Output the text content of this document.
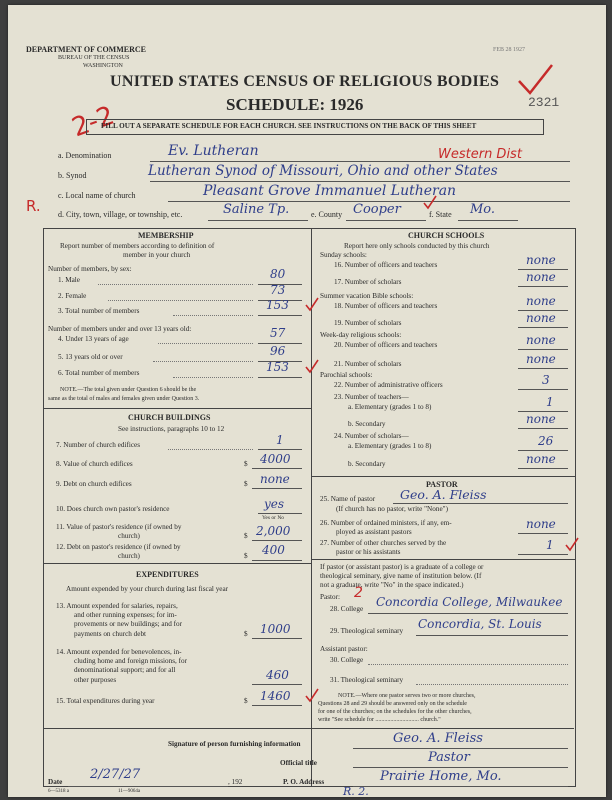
DEPARTMENT OF COMMERCE
BUREAU OF THE CENSUS
WASHINGTON
UNITED STATES CENSUS OF RELIGIOUS BODIES
SCHEDULE: 1926
FEB 28 1927
2321
2-2
R.
FILL OUT A SEPARATE SCHEDULE FOR EACH CHURCH. SEE INSTRUCTIONS ON THE BACK OF THIS SHEET
a. Denomination	Ev. Lutheran
b. Synod	Lutheran Synod of Missouri, Ohio and other States
Western Dist
c. Local name of church	Pleasant Grove Immanuel Lutheran
d. City, town, village, or township, etc.	Saline Tp.	e. County Cooper	f. State Mo.
MEMBERSHIP
Report number of members according to definition of
member in your church
Number of members, by sex:
1. Male	80
2. Female	73
3. Total number of members	153
Number of members under and over 13 years old:
4. Under 13 years of age	57
5. 13 years old or over	96
6. Total number of members	153
NOTE.—The total given under Question 6 should be the
same as the total of males and females given under Question 3.
CHURCH BUILDINGS
See instructions, paragraphs 10 to 12
7. Number of church edifices	1
8. Value of church edifices	$ 4000
9. Debt on church edifices	$ none
10. Does church own pastor's residence	yes
Yes or No
11. Value of pastor's residence (if owned by
church)	$ 2,000
12. Debt on pastor's residence (if owned by
church)	$ 400
EXPENDITURES
Amount expended by your church during last fiscal year
13. Amount expended for salaries, repairs,
and other running expenses; for im-
provements or new buildings; and for
payments on church debt	$ 1000
14. Amount expended for benevolences, in-
cluding home and foreign missions, for
denominational support; and for all
other purposes	460
15. Total expenditures during year	$ 1460
CHURCH SCHOOLS
Report here only schools conducted by this church
Sunday schools:
16. Number of officers and teachers	none
17. Number of scholars	none
Summer vacation Bible schools:
18. Number of officers and teachers	none
19. Number of scholars	none
Week-day religious schools:
20. Number of officers and teachers	none
21. Number of scholars	none
Parochial schools:
22. Number of administrative officers	3
23. Number of teachers—
a. Elementary (grades 1 to 8)	1
b. Secondary	none
24. Number of scholars—
a. Elementary (grades 1 to 8)	26
b. Secondary	none
PASTOR
25. Name of pastor Geo. A. Fleiss
(If church has no pastor, write "None")
26. Number of ordained ministers, if any, em-
ployed as assistant pastors
none
27. Number of other churches served by the
pastor or his assistants	1
If pastor (or assistant pastor) is a graduate of a college or
theological seminary, give name of institution below. (If
not a graduate, write "No" in the space indicated.)
Pastor: 2
28. College Concordia College, Milwaukee
29. Theological seminary Concordia, St. Louis
Assistant pastor:
30. College
31. Theological seminary
NOTE.—Where one pastor serves two or more churches,
Questions 28 and 29 should be answered only on the schedule
for one of the churches; on the schedules for the other churches,
write "See schedule for ............................. church."
Signature of person furnishing information	Geo. A. Fleiss
Official title	Pastor
Date 2/27/27	, 192	P. O. Address	Prairie Home, Mo.
R. 2.
6—5318 a	11—9064a
